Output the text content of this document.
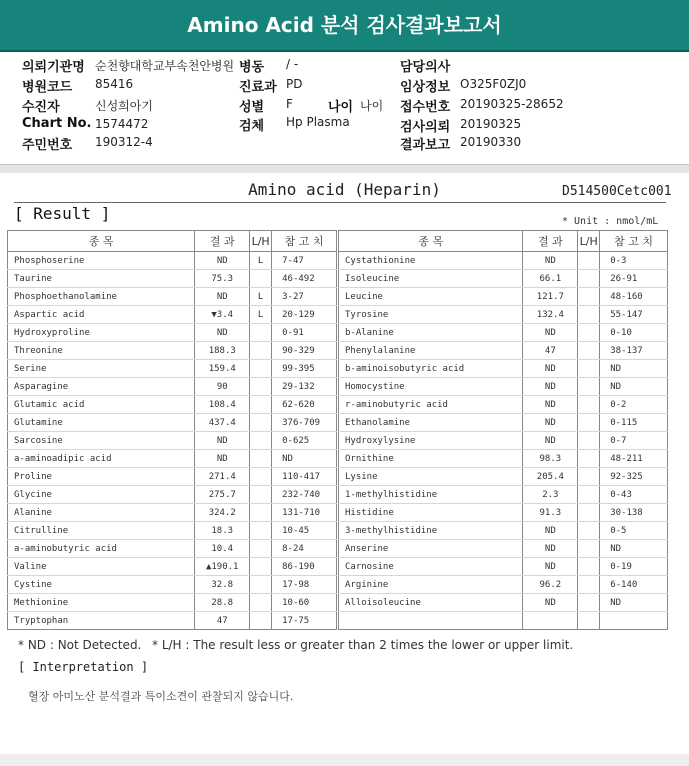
Amino Acid 분석 검사결과보고서
의뢰기관명 순천향대학교부속천안병원 병동 / -	담당의사
병원코드 85416	진료과 PD	임상정보 O325F0ZJ0
수진자	신성희아기	성별 F	나이 나이 접수번호 20190325-28652
Chart No. 1574472	검체 Hp Plasma	검사의뢰 20190325
주민번호 190312-4	결과보고 20190330
Amino acid (Heparin)	D514500Cetc001
[ Result ]	* Unit : nmol/mL
종 목	결 과	L/H	참 고 치
Phosphoserine	ND	L	7-47
Taurine	75.3		46-492
Phosphoethanolamine	ND	L	3-27
Aspartic acid	▼3.4	L	20-129
Hydroxyproline	ND		0-91
Threonine	188.3		90-329
Serine	159.4		99-395
Asparagine	90		29-132
Glutamic acid	108.4		62-620
Glutamine	437.4		376-709
Sarcosine	ND		0-625
a-aminoadipic acid	ND		ND
Proline	271.4		110-417
Glycine	275.7		232-740
Alanine	324.2		131-710
Citrulline	18.3		10-45
a-aminobutyric acid	10.4		8-24
Valine	▲190.1		86-190
Cystine	32.8		17-98
Methionine	28.8		10-60
Tryptophan	47		17-75
종 목	결 과	L/H	참 고 치
Cystathionine	ND		0-3
Isoleucine	66.1		26-91
Leucine	121.7		48-160
Tyrosine	132.4		55-147
b-Alanine	ND		0-10
Phenylalanine	47		38-137
b-aminoisobutyric acid	ND		ND
Homocystine	ND		ND
r-aminobutyric acid	ND		0-2
Ethanolamine	ND		0-115
Hydroxylysine	ND		0-7
Ornithine	98.3		48-211
Lysine	205.4		92-325
1-methylhistidine	2.3		0-43
Histidine	91.3		30-138
3-methylhistidine	ND		0-5
Anserine	ND		ND
Carnosine	ND		0-19
Arginine	96.2		6-140
Alloisoleucine	ND		ND

* ND : Not Detected. * L/H : The result less or greater than 2 times the lower or upper limit.
[ Interpretation ]
혈장 아미노산 분석결과 특이소견이 관찰되지 않습니다.
